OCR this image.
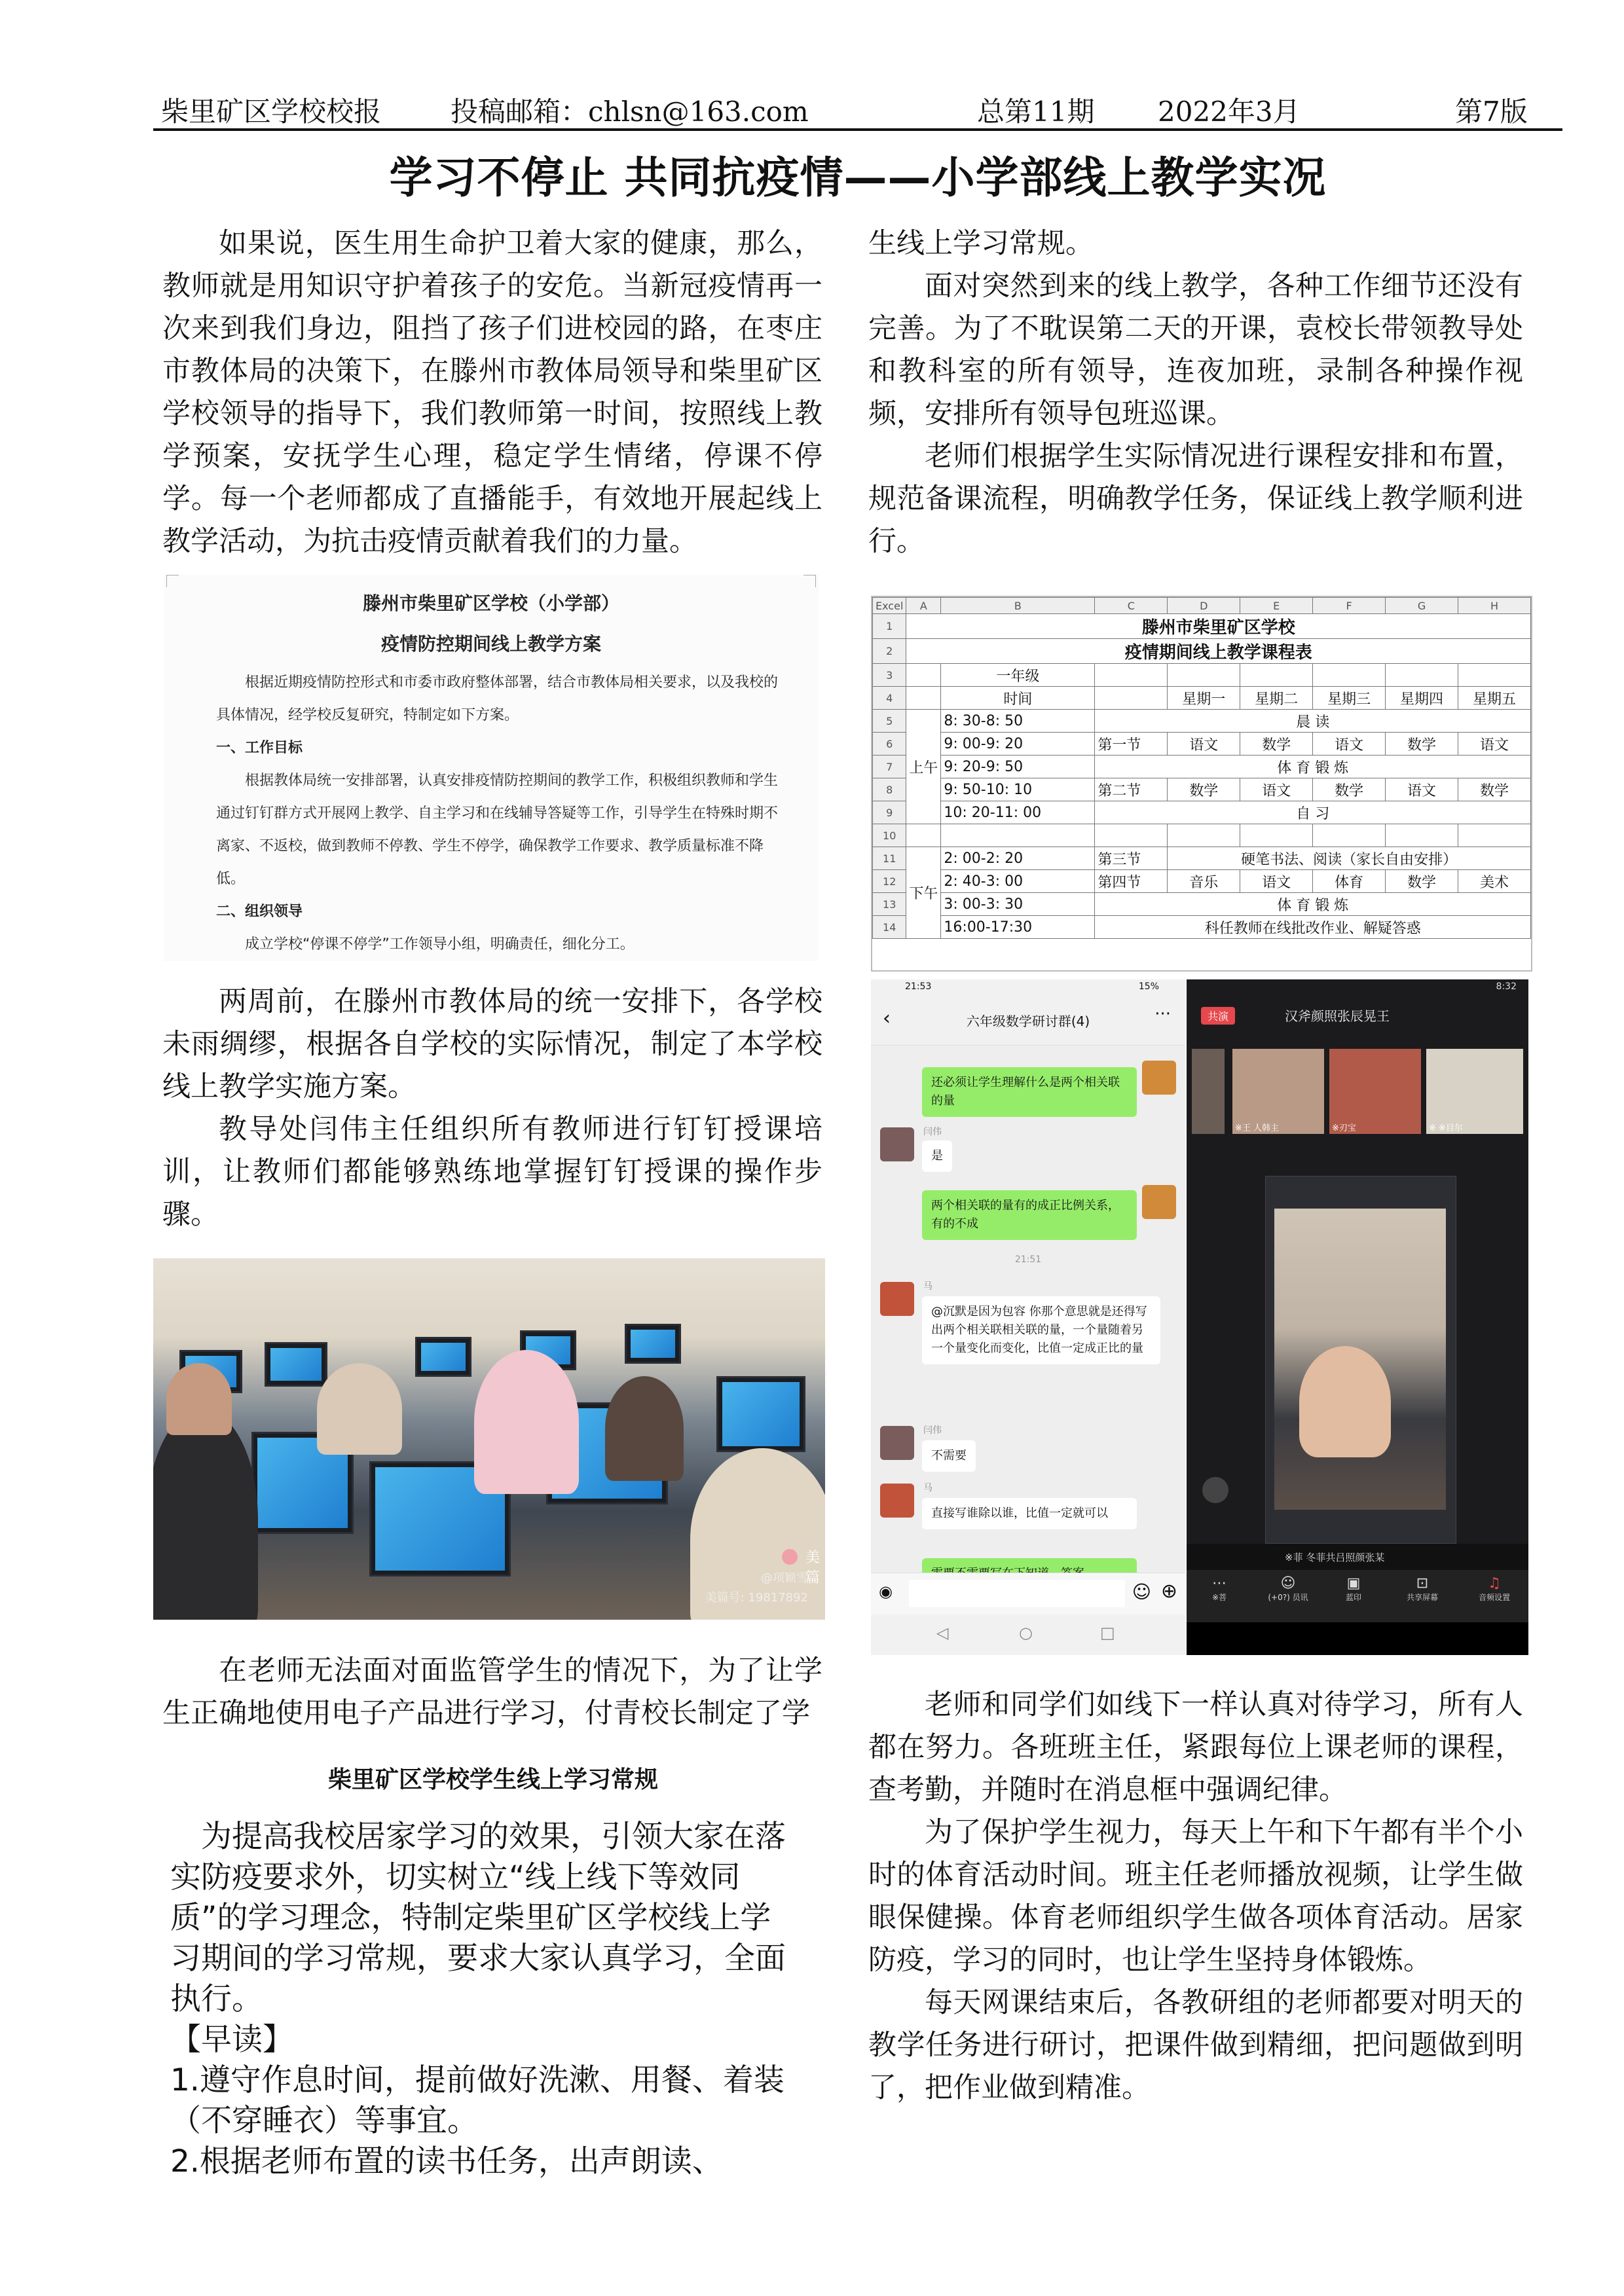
柴里矿区学校校报	投稿邮箱：chlsn@163.com	总第11期 2022年3月	第7版
学习不停止 共同抗疫情——小学部线上教学实况

如果说，医生用生命护卫着大家的健康，那么，教师就是用知识守护着孩子的安危。当新冠疫情再一次来到我们身边，阻挡了孩子们进校园的路，在枣庄市教体局的决策下，在滕州市教体局领导和柴里矿区学校领导的指导下，我们教师第一时间，按照线上教学预案，安抚学生心理，稳定学生情绪，停课不停学。每一个老师都成了直播能手，有效地开展起线上教学活动，为抗击疫情贡献着我们的力量。

滕州市柴里矿区学校（小学部）
疫情防控期间线上教学方案

根据近期疫情防控形式和市委市政府整体部署，结合市教体局相关要求，以及我校的具体情况，经学校反复研究，特制定如下方案。

一、工作目标

根据教体局统一安排部署，认真安排疫情防控期间的教学工作，积极组织教师和学生通过钉钉群方式开展网上教学、自主学习和在线辅导答疑等工作，引导学生在特殊时期不离家、不返校，做到教师不停教、学生不停学，确保教学工作要求、教学质量标准不降低。

二、组织领导

成立学校“停课不停学”工作领导小组，明确责任，细化分工。

两周前，在滕州市教体局的统一安排下，各学校未雨绸缪，根据各自学校的实际情况，制定了本学校线上教学实施方案。

教导处闫伟主任组织所有教师进行钉钉授课培训，让教师们都能够熟练地掌握钉钉授课的操作步骤。

美篇
@项颖雪
美篇号: 19817892

在老师无法面对面监管学生的情况下，为了让学生正确地使用电子产品进行学习，付青校长制定了学

柴里矿区学校学生线上学习常规

为提高我校居家学习的效果，引领大家在落实防疫要求外，切实树立“线上线下等效同质”的学习理念，特制定柴里矿区学校线上学习期间的学习常规，要求大家认真学习，全面执行。

【早读】

1.遵守作息时间，提前做好洗漱、用餐、着装（不穿睡衣）等事宜。

2.根据老师布置的读书任务，出声朗读、

生线上学习常规。

面对突然到来的线上教学，各种工作细节还没有完善。为了不耽误第二天的开课，袁校长带领教导处和教科室的所有领导，连夜加班，录制各种操作视频，安排所有领导包班巡课。

老师们根据学生实际情况进行课程安排和布置，规范备课流程，明确教学任务，保证线上教学顺利进行。

Excel	A	B	C	D	E	F	G	H
1	滕州市柴里矿区学校							
2	疫情期间线上教学课程表							
3		一年级						
4		时间		星期一	星期二	星期三	星期四	星期五
5	上午	8: 30-8: 50	晨 读					
6		9: 00-9: 20	第一节	语文	数学	语文	数学	语文
7		9: 20-9: 50	体 育 锻 炼					
8		9: 50-10: 10	第二节	数学	语文	数学	语文	数学
9		10: 20-11: 00	自 习					
10								
11	下午	2: 00-2: 20	第三节	硬笔书法、阅读（家长自由安排）				
12		2: 40-3: 00	第四节	音乐	语文	体育	数学	美术
13		3: 00-3: 30	体 育 锻 炼					
14		16:00-17:30	科任教师在线批改作业、解疑答惑					
21:53	15%
‹	六年级数学研讨群(4)	···
还必须让学生理解什么是两个相关联的量
闫伟
是
两个相关联的量有的成正比例关系，有的不成
21:51
马
@沉默是因为包容 你那个意思就是还得写出两个相关联相关联的量，一个量随着另一个量变化而变化，比值一定成正比的量
闫伟
不需要
马
直接写谁除以谁，比值一定就可以
◉	☺ ⊕
◁	○	□
8:32
共演	汉斧颜照张辰晃王
※王 人韩主	※刃宝	※ ※目尔
※菲 冬菲共吕照颜张某
⋯
※菩
☺
(+0?) 员讯
▣
蓝印
⊡
共享屏幕
♫
音频设置

老师和同学们如线下一样认真对待学习，所有人都在努力。各班班主任，紧跟每位上课老师的课程，查考勤，并随时在消息框中强调纪律。

为了保护学生视力，每天上午和下午都有半个小时的体育活动时间。班主任老师播放视频，让学生做眼保健操。体育老师组织学生做各项体育活动。居家防疫，学习的同时，也让学生坚持身体锻炼。

每天网课结束后，各教研组的老师都要对明天的教学任务进行研讨，把课件做到精细，把问题做到明了，把作业做到精准。
